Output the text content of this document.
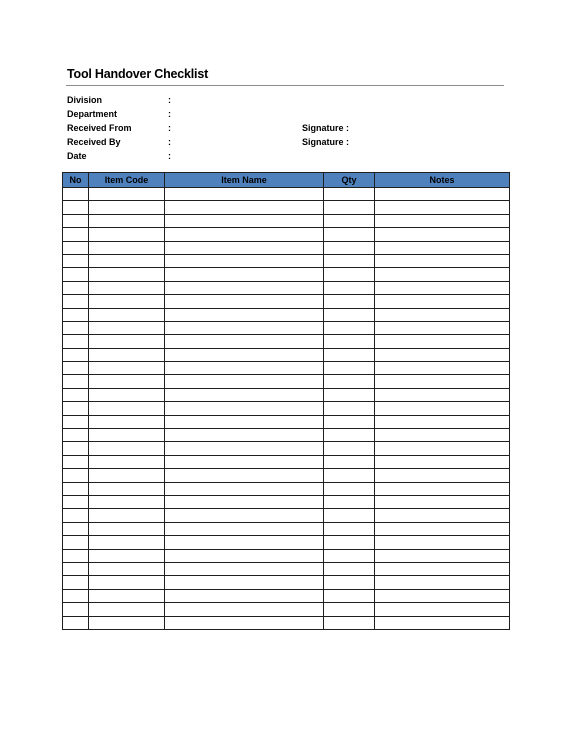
Tool Handover Checklist
Division	:
Department	:
Received From	:	Signature :
Received By	:	Signature :
Date	:
No	Item Code	Item Name	Qty	Notes
